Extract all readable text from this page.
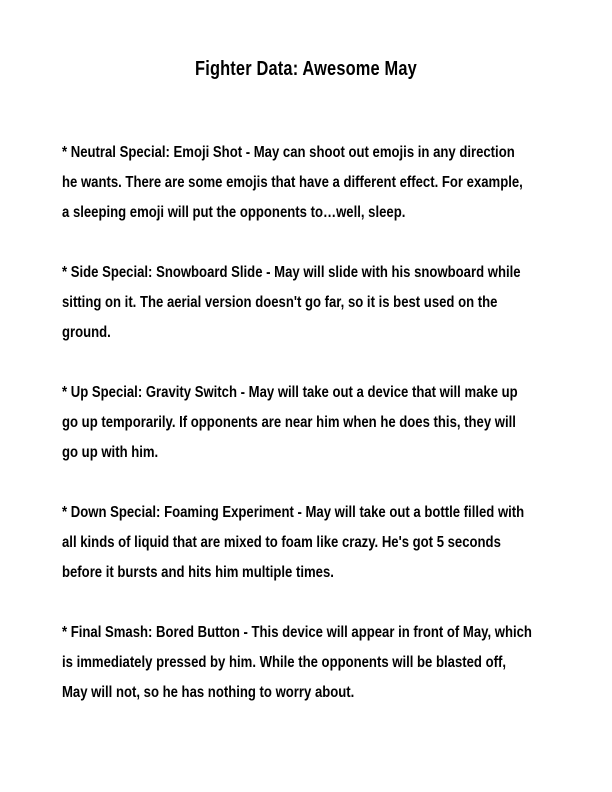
Fighter Data: Awesome May
* Neutral Special: Emoji Shot - May can shoot out emojis in any direction
he wants. There are some emojis that have a different effect. For example,
a sleeping emoji will put the opponents to…well, sleep.
* Side Special: Snowboard Slide - May will slide with his snowboard while
sitting on it. The aerial version doesn't go far, so it is best used on the
ground.
* Up Special: Gravity Switch - May will take out a device that will make up
go up temporarily. If opponents are near him when he does this, they will
go up with him.
* Down Special: Foaming Experiment - May will take out a bottle filled with
all kinds of liquid that are mixed to foam like crazy. He's got 5 seconds
before it bursts and hits him multiple times.
* Final Smash: Bored Button - This device will appear in front of May, which
is immediately pressed by him. While the opponents will be blasted off,
May will not, so he has nothing to worry about.
